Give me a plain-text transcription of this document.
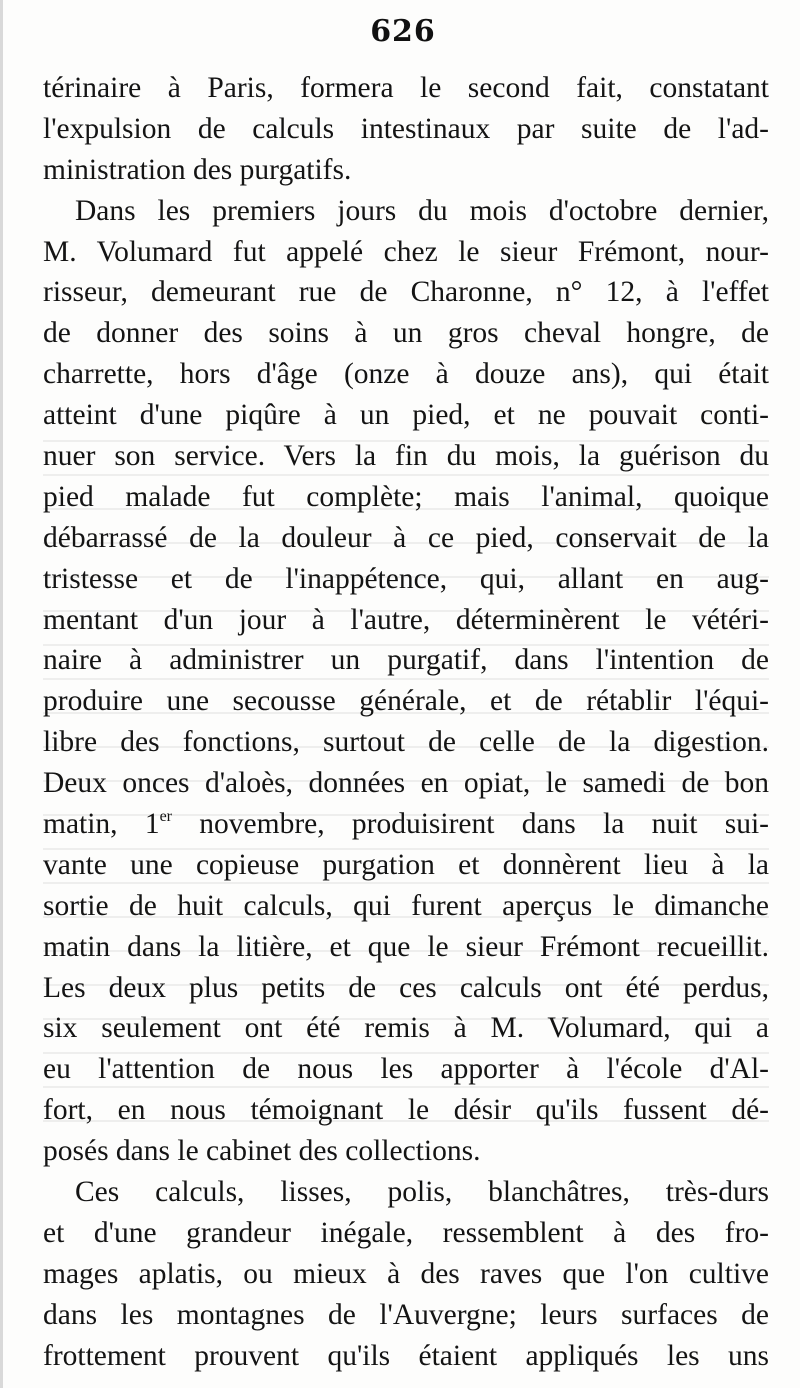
626
térinaire à Paris, formera le second fait, constatant
l'expulsion de calculs intestinaux par suite de l'ad-
ministration des purgatifs.
Dans les premiers jours du mois d'octobre dernier,
M. Volumard fut appelé chez le sieur Frémont, nour-
risseur, demeurant rue de Charonne, n° 12, à l'effet
de donner des soins à un gros cheval hongre, de
charrette, hors d'âge (onze à douze ans), qui était
atteint d'une piqûre à un pied, et ne pouvait conti-
nuer son service. Vers la fin du mois, la guérison du
pied malade fut complète; mais l'animal, quoique
débarrassé de la douleur à ce pied, conservait de la
tristesse et de l'inappétence, qui, allant en aug-
mentant d'un jour à l'autre, déterminèrent le vétéri-
naire à administrer un purgatif, dans l'intention de
produire une secousse générale, et de rétablir l'équi-
libre des fonctions, surtout de celle de la digestion.
Deux onces d'aloès, données en opiat, le samedi de bon
matin, 1er novembre, produisirent dans la nuit sui-
vante une copieuse purgation et donnèrent lieu à la
sortie de huit calculs, qui furent aperçus le dimanche
matin dans la litière, et que le sieur Frémont recueillit.
Les deux plus petits de ces calculs ont été perdus,
six seulement ont été remis à M. Volumard, qui a
eu l'attention de nous les apporter à l'école d'Al-
fort, en nous témoignant le désir qu'ils fussent dé-
posés dans le cabinet des collections.
Ces calculs, lisses, polis, blanchâtres, très-durs
et d'une grandeur inégale, ressemblent à des fro-
mages aplatis, ou mieux à des raves que l'on cultive
dans les montagnes de l'Auvergne; leurs surfaces de
frottement prouvent qu'ils étaient appliqués les uns
